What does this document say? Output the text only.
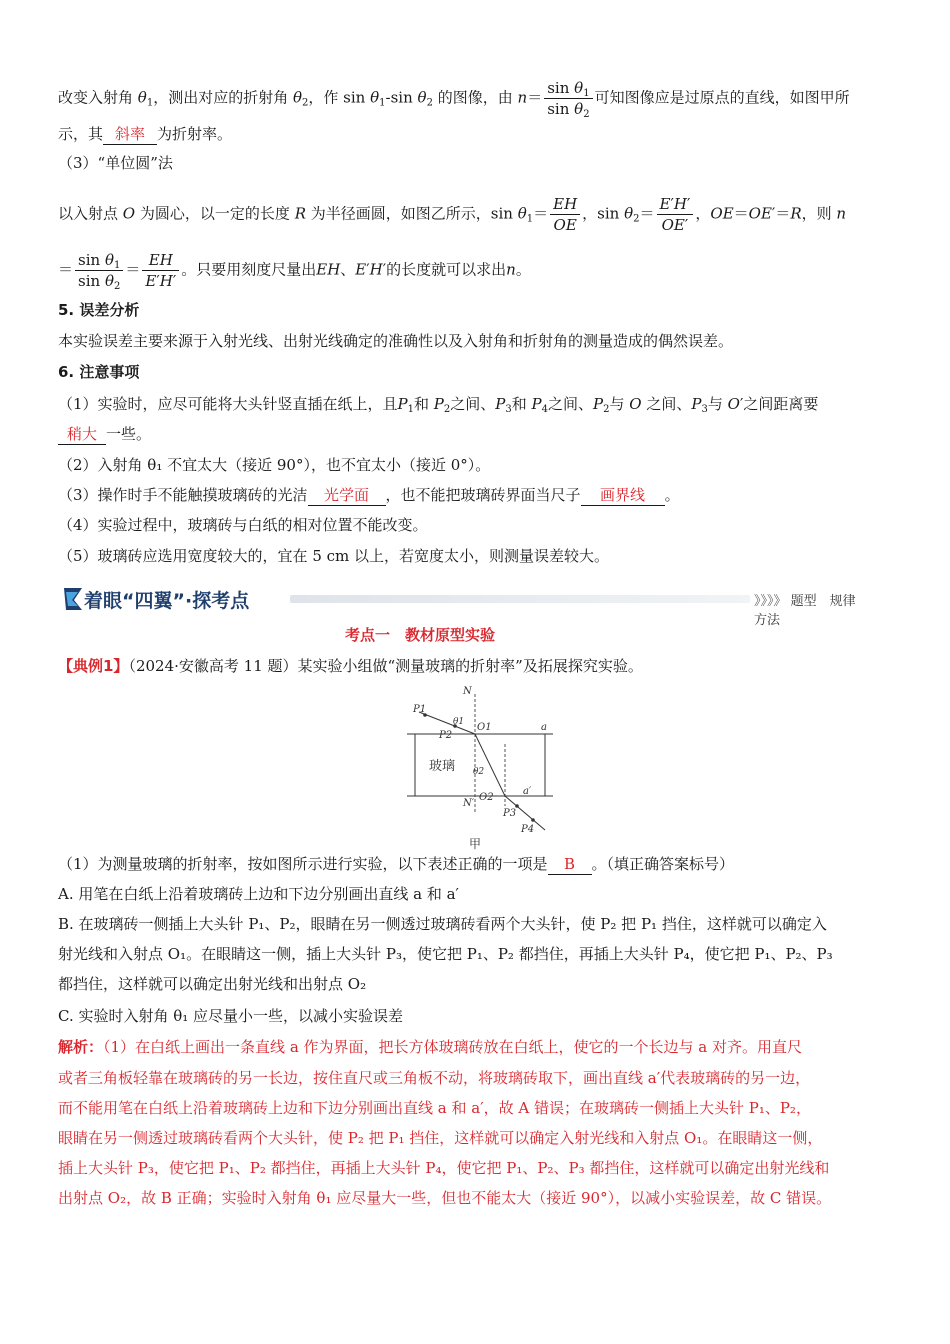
改变入射角 $\theta_1$，测出对应的折射角 $\theta_2$，作 $\sin \theta_1-\sin$ $\theta_2$ 的图像，由 $n= \frac{\sin \theta_1}{\sin \theta_2}$ 可知图像应是过原点的直线，如图甲所
示，其 斜率 为折射率。
（3）“单位圆”法
以入射点 O 为圆心，以一定的长度 R 为半径画圆，如图乙所示，$\sin \theta_1= \frac{EH}{OE}$ ，$\sin \theta_2= \frac{E'H'}{OE'}$ ，OE＝OE′＝R，则 n
＝ $\frac{\sin \theta_1}{\sin \theta_2} = \frac{EH}{E'H'}$ 。只要用刻度尺量出EH、E′H′的长度就可以求出n。
5. 误差分析
本实验误差主要来源于入射光线、出射光线确定的准确性以及入射角和折射角的测量造成的偶然误差。
6. 注意事项
（1）实验时，应尽可能将大头针竖直插在纸上，且$P_1$和 $P_2$之间、$P_3$和 $P_4$之间、$P_2$与 O 之间、$P_3$与 O′之间距离要
稍大 一些。
（2）入射角 θ₁ 不宜太大（接近 90°），也不宜太小（接近 0°）。
（3）操作时手不能触摸玻璃砖的光洁 光学面 ，也不能把玻璃砖界面当尺子 画界线 。
（4）实验过程中，玻璃砖与白纸的相对位置不能改变。
（5）玻璃砖应选用宽度较大的，宜在 5 cm 以上，若宽度太小，则测量误差较大。
着眼“四翼”·探考点	》》》》 题型　规律　方法
考点一　教材原型实验
【典例1】（2024·安徽高考 11 题）某实验小组做“测量玻璃的折射率”及拓展探究实验。
N
P1
θ1 O1
P2
a
玻璃 θ2
N′
O2
a′
P3
P4
甲
（1）为测量玻璃的折射率，按如图所示进行实验，以下表述正确的一项是 B 。（填正确答案标号）
A. 用笔在白纸上沿着玻璃砖上边和下边分别画出直线 a 和 a′
B. 在玻璃砖一侧插上大头针 P₁、P₂，眼睛在另一侧透过玻璃砖看两个大头针，使 P₂ 把 P₁ 挡住，这样就可以确定入
射光线和入射点 O₁。在眼睛这一侧，插上大头针 P₃，使它把 P₁、P₂ 都挡住，再插上大头针 P₄，使它把 P₁、P₂、P₃
都挡住，这样就可以确定出射光线和出射点 O₂
C. 实验时入射角 θ₁ 应尽量小一些，以减小实验误差
解析：（1）在白纸上画出一条直线 a 作为界面，把长方体玻璃砖放在白纸上，使它的一个长边与 a 对齐。用直尺
或者三角板轻靠在玻璃砖的另一长边，按住直尺或三角板不动，将玻璃砖取下，画出直线 a′代表玻璃砖的另一边，
而不能用笔在白纸上沿着玻璃砖上边和下边分别画出直线 a 和 a′，故 A 错误；在玻璃砖一侧插上大头针 P₁、P₂，
眼睛在另一侧透过玻璃砖看两个大头针，使 P₂ 把 P₁ 挡住，这样就可以确定入射光线和入射点 O₁。在眼睛这一侧，
插上大头针 P₃，使它把 P₁、P₂ 都挡住，再插上大头针 P₄，使它把 P₁、P₂、P₃ 都挡住，这样就可以确定出射光线和
出射点 O₂，故 B 正确；实验时入射角 θ₁ 应尽量大一些，但也不能太大（接近 90°），以减小实验误差，故 C 错误。
